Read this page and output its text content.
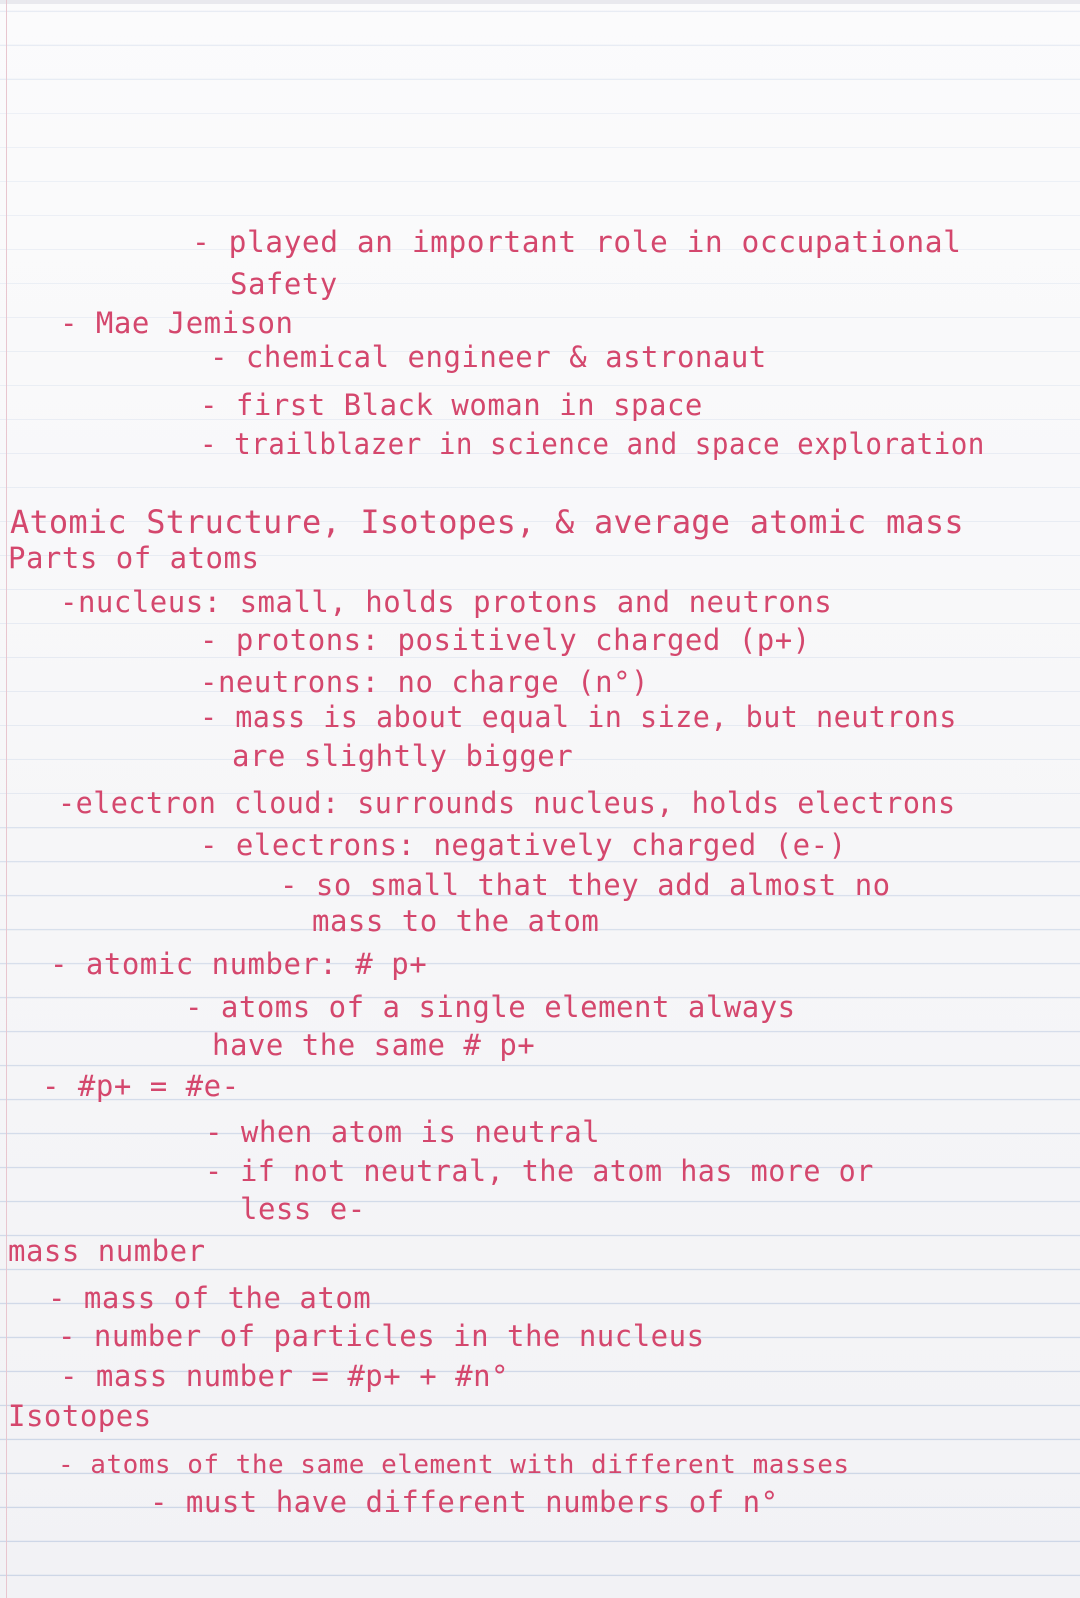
- played an important role in occupational
Safety
- Mae Jemison
- chemical engineer & astronaut
- first Black woman in space
- trailblazer in science and space exploration
Atomic Structure, Isotopes, & average atomic mass
Parts of atoms
-nucleus: small, holds protons and neutrons
- protons: positively charged (p+)
-neutrons: no charge (n°)
- mass is about equal in size, but neutrons
are slightly bigger
-electron cloud: surrounds nucleus, holds electrons
- electrons: negatively charged (e-)
- so small that they add almost no
mass to the atom
- atomic number: # p+
- atoms of a single element always
have the same # p+
- #p+ = #e-
- when atom is neutral
- if not neutral, the atom has more or
less e-
mass number
- mass of the atom
- number of particles in the nucleus
- mass number = #p+ + #n°
Isotopes
- atoms of the same element with different masses
- must have different numbers of n°
